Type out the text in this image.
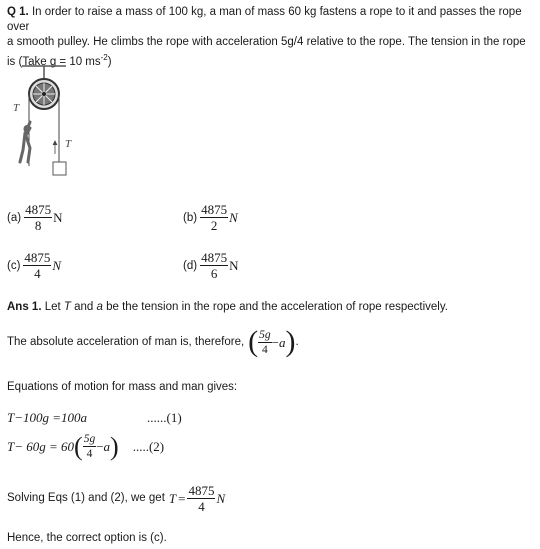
Q 1. In order to raise a mass of 100 kg, a man of mass 60 kg fastens a rope to it and passes the rope over
a smooth pulley. He climbs the rope with acceleration 5g/4 relative to the rope. The tension in the rope
is (Take g = 10 $ms^{-2}$)
T
T
$(a) \frac{4875}{8}$ N	$(b) \frac{4875}{2}$ N
$(c) \frac{4875}{4}$ N	$(d) \frac{4875}{6}$ N
Ans 1. Let T and a be the tension in the rope and the acceleration of rope respectively.
The absolute acceleration of man is, therefore, ( $\frac{5g}{4} - a$ ) .
Equations of motion for mass and man gives:
T−100g =100a	......(1)
T− 60g = 60 ( $\frac{5g}{4} - a$ ) .....(2)
Solving Eqs (1) and (2), we get $T = \frac{4875}{4}$ N
Hence, the correct option is (c).
